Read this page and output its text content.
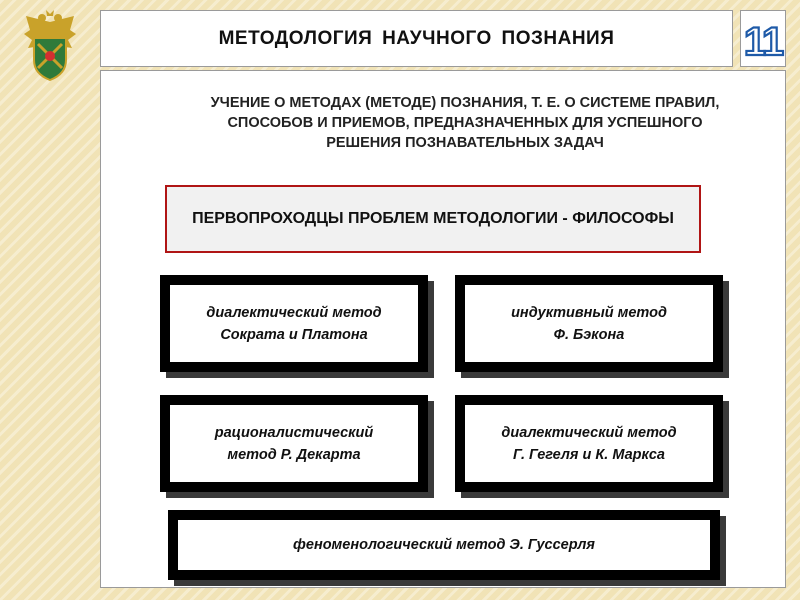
МЕТОДОЛОГИЯ НАУЧНОГО ПОЗНАНИЯ	11
УЧЕНИЕ О МЕТОДАХ (МЕТОДЕ) ПОЗНАНИЯ, Т. Е. О СИСТЕМЕ ПРАВИЛ, СПОСОБОВ И ПРИЕМОВ, ПРЕДНАЗНАЧЕННЫХ ДЛЯ УСПЕШНОГО РЕШЕНИЯ ПОЗНАВАТЕЛЬНЫХ ЗАДАЧ
ПЕРВОПРОХОДЦЫ ПРОБЛЕМ МЕТОДОЛОГИИ - ФИЛОСОФЫ
диалектический метод
Сократа и Платона
индуктивный метод
Ф. Бэкона
рационалистический
метод Р. Декарта
диалектический метод
Г. Гегеля и К. Маркса
феноменологический метод Э. Гуссерля
